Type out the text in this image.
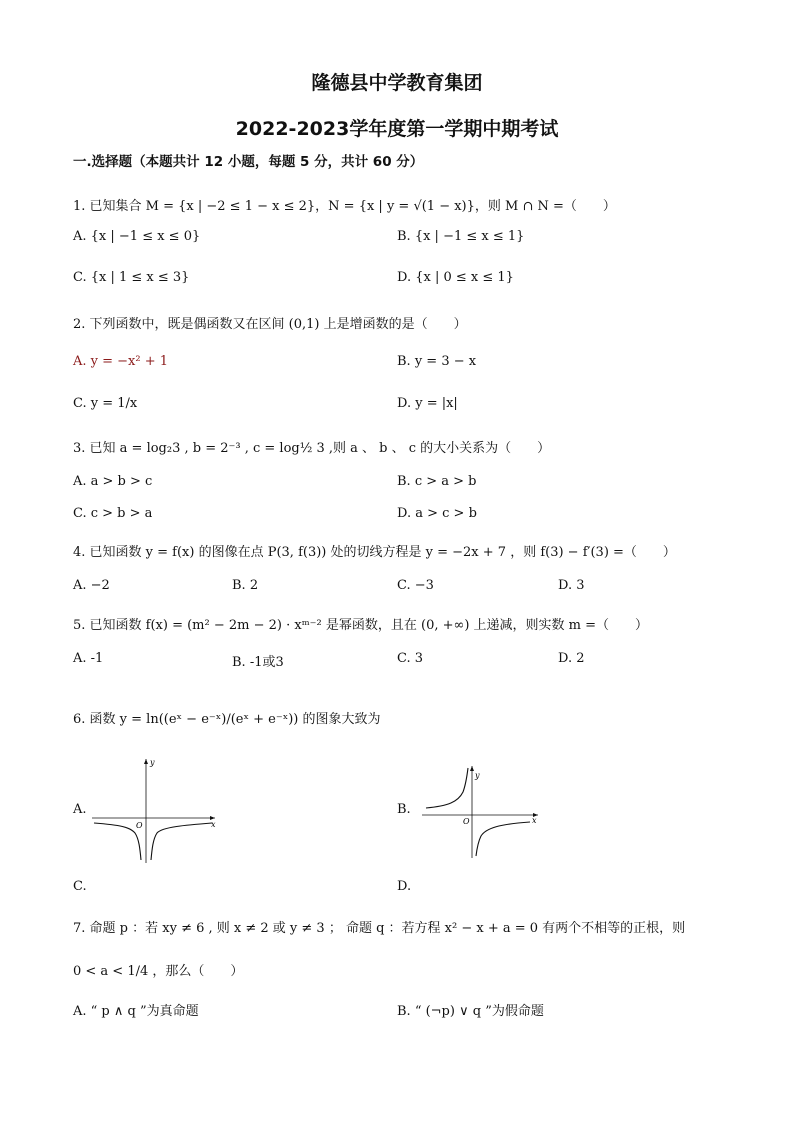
隆德县中学教育集团
2022-2023学年度第一学期中期考试
一.选择题（本题共计 12 小题，每题 5 分，共计 60 分）
1. 已知集合 M = {x | −2 ≤ 1 − x ≤ 2}，N = {x | y = √(1 − x)}，则 M ∩ N =（　　）
A. {x | −1 ≤ x ≤ 0}	B. {x | −1 ≤ x ≤ 1}
C. {x | 1 ≤ x ≤ 3}	D. {x | 0 ≤ x ≤ 1}
2. 下列函数中，既是偶函数又在区间 (0,1) 上是增函数的是（　　）
A. y = −x² + 1	B. y = 3 − x
C. y = 1/x	D. y = |x|
3. 已知 a = log₂3 , b = 2⁻³ , c = log½ 3 ,则 a 、 b 、 c 的大小关系为（　　）
A. a > b > c	B. c > a > b
C. c > b > a	D. a > c > b
4. 已知函数 y = f(x) 的图像在点 P(3, f(3)) 处的切线方程是 y = −2x + 7 ，则 f(3) − f′(3) =（　　）
A. −2	B. 2	C. −3	D. 3
5. 已知函数 f(x) = (m² − 2m − 2) · xᵐ⁻² 是幂函数，且在 (0, +∞) 上递减，则实数 m =（　　）
A. -1	B. -1或3	C. 3	D. 2
6. 函数 y = ln((eˣ − e⁻ˣ)/(eˣ + e⁻ˣ)) 的图象大致为
A.	B.
C.	D.
y
x
O
y
x
O
7. 命题 p ：若 xy ≠ 6 , 则 x ≠ 2 或 y ≠ 3 ； 命题 q ：若方程 x² − x + a = 0 有两个不相等的正根，则
0 < a < 1/4 ，那么（　　）
A. “ p ∧ q ”为真命题	B. “ (¬p) ∨ q ”为假命题
